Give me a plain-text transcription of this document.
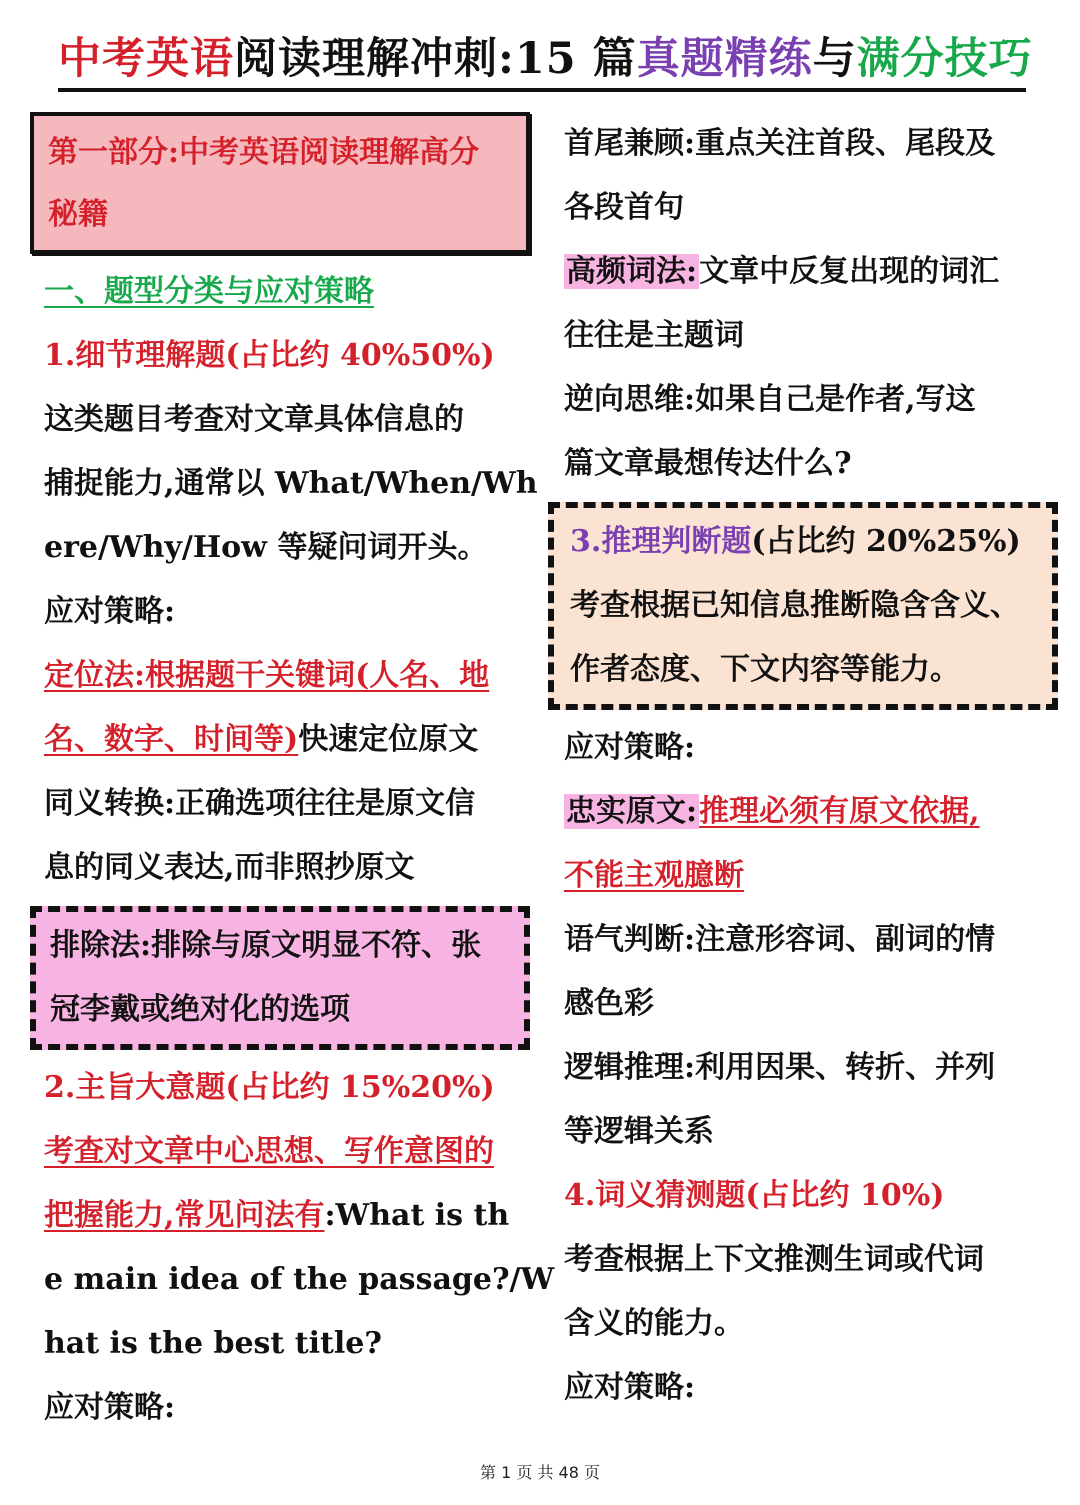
中考英语阅读理解冲刺:15 篇真题精练与满分技巧
第一部分:中考英语阅读理解高分
秘籍
一、题型分类与应对策略
1.细节理解题(占比约 40%50%)
这类题目考查对文章具体信息的
捕捉能力,通常以 What/When/Wh
ere/Why/How 等疑问词开头。
应对策略:
定位法:根据题干关键词(人名、地
名、数字、时间等)快速定位原文
同义转换:正确选项往往是原文信
息的同义表达,而非照抄原文
排除法:排除与原文明显不符、张
冠李戴或绝对化的选项
2.主旨大意题(占比约 15%20%)
考查对文章中心思想、写作意图的
把握能力,常见问法有:What is th
e main idea of the passage?/W
hat is the best title?
应对策略:
首尾兼顾:重点关注首段、尾段及
各段首句
高频词法:文章中反复出现的词汇
往往是主题词
逆向思维:如果自己是作者,写这
篇文章最想传达什么?
3.推理判断题(占比约 20%25%)
考查根据已知信息推断隐含含义、
作者态度、下文内容等能力。
应对策略:
忠实原文:推理必须有原文依据,
不能主观臆断
语气判断:注意形容词、副词的情
感色彩
逻辑推理:利用因果、转折、并列
等逻辑关系
4.词义猜测题(占比约 10%)
考查根据上下文推测生词或代词
含义的能力。
应对策略:
第 1 页 共 48 页
